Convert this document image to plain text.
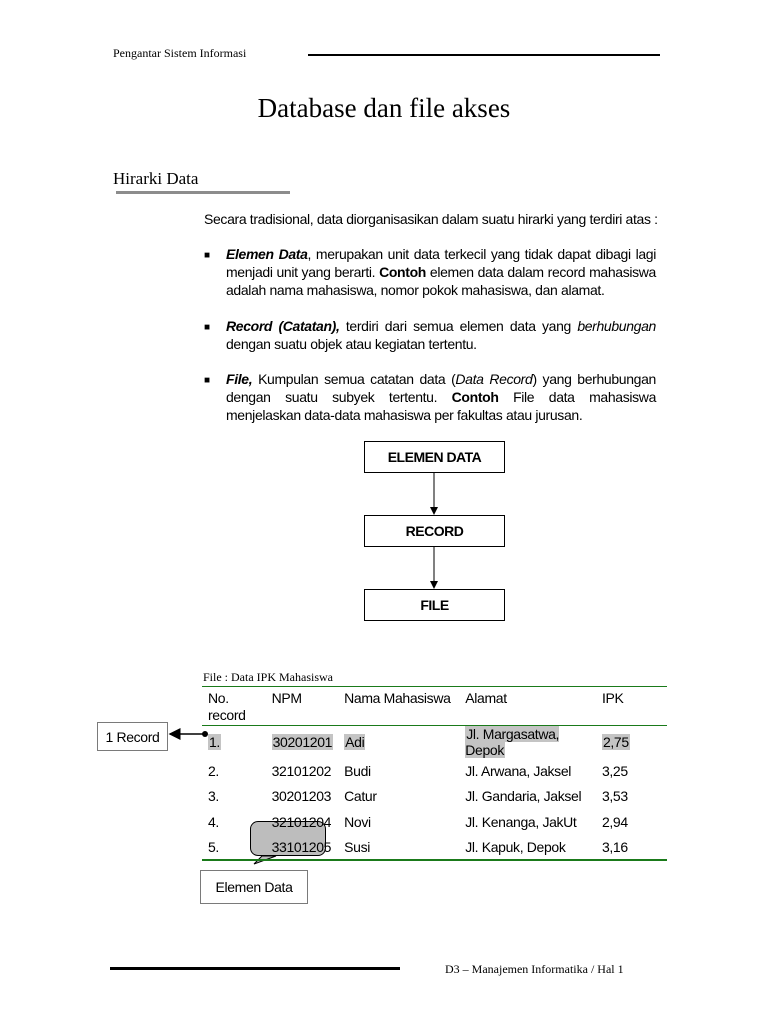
Pengantar Sistem Informasi
Database dan file akses
Hirarki Data

Secara tradisional, data diorganisasikan dalam suatu hirarki yang terdiri atas :

■ Elemen Data, merupakan unit data terkecil yang tidak dapat dibagi lagi menjadi unit yang berarti. Contoh elemen data dalam record mahasiswa adalah nama mahasiswa, nomor pokok mahasiswa, dan alamat.

■ Record (Catatan), terdiri dari semua elemen data yang berhubungan dengan suatu objek atau kegiatan tertentu.

■ File, Kumpulan semua catatan data (Data Record) yang berhubungan dengan suatu subyek tertentu. Contoh File data mahasiswa menjelaskan data-data mahasiswa per fakultas atau jurusan.

ELEMEN DATA
RECORD
FILE
File : Data IPK Mahasiswa
No. record	NPM	Nama Mahasiswa	Alamat	IPK
1.	30201201	Adi	Jl. Margasatwa, Depok	2,75
2.	32101202	Budi	Jl. Arwana, Jaksel	3,25
3.	30201203	Catur	Jl. Gandaria, Jaksel	3,53
4.	32101204	Novi	Jl. Kenanga, JakUt	2,94
5.	33101205	Susi	Jl. Kapuk, Depok	3,16
1 Record
Elemen Data
D3 – Manajemen Informatika / Hal 1
